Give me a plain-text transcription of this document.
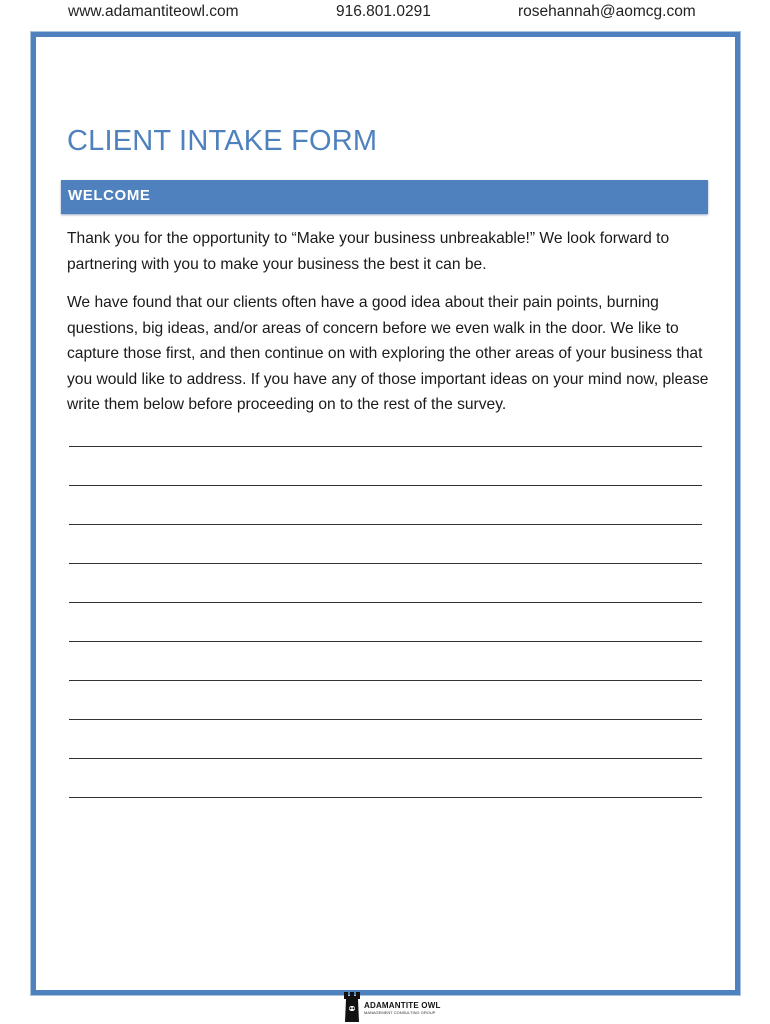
www.adamantiteowl.com	916.801.0291	rosehannah@aomcg.com
CLIENT INTAKE FORM
WELCOME

Thank you for the opportunity to “Make your business unbreakable!” We look forward to partnering with you to make your business the best it can be.

We have found that our clients often have a good idea about their pain points, burning questions, big ideas, and/or areas of concern before we even walk in the door. We like to capture those first, and then continue on with exploring the other areas of your business that you would like to address. If you have any of those important ideas on your mind now, please write them below before proceeding on to the rest of the survey.

ADAMANTITE OWL
MANAGEMENT CONSULTING GROUP
